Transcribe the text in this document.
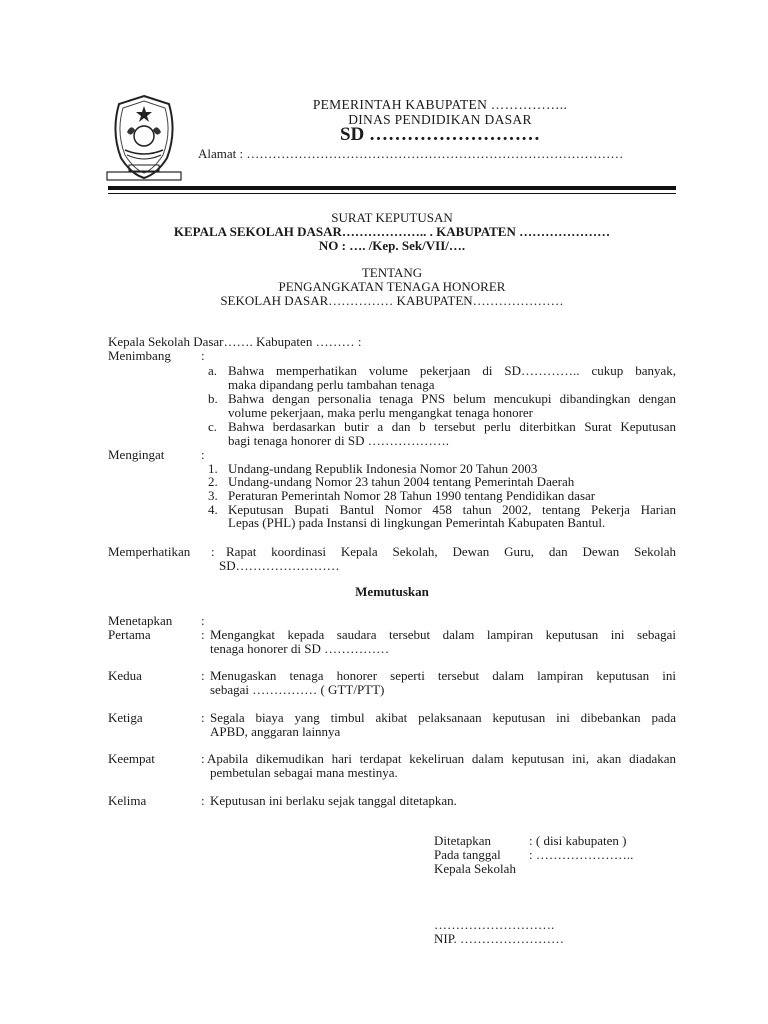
PEMERINTAH KABUPATEN ……………..
DINAS PENDIDIKAN DASAR
SD ………………………
Alamat : ……………………………………………………………………………
SURAT KEPUTUSAN
KEPALA SEKOLAH DASAR……………….. . KABUPATEN …………………
NO : …. /Kep. Sek/VII/….
TENTANG
PENGANGKATAN TENAGA HONORER
SEKOLAH DASAR…………… KABUPATEN…………………
Kepala Sekolah Dasar……. Kabupaten ……… :
Menimbang :
a. Bahwa memperhatikan volume pekerjaan di SD………….. cukup banyak,
maka dipandang perlu tambahan tenaga
b. Bahwa dengan personalia tenaga PNS belum mencukupi dibandingkan dengan
volume pekerjaan, maka perlu mengangkat tenaga honorer
c. Bahwa berdasarkan butir a dan b tersebut perlu diterbitkan Surat Keputusan
bagi tenaga honorer di SD ……………….
Mengingat	:
1. Undang-undang Republik Indonesia Nomor 20 Tahun 2003
2. Undang-undang Nomor 23 tahun 2004 tentang Pemerintah Daerah
3. Peraturan Pemerintah Nomor 28 Tahun 1990 tentang Pendidikan dasar
4. Keputusan Bupati Bantul Nomor 458 tahun 2002, tentang Pekerja Harian
Lepas (PHL) pada Instansi di lingkungan Pemerintah Kabupaten Bantul.
Memperhatikan : Rapat koordinasi Kepala Sekolah, Dewan Guru, dan Dewan Sekolah
SD……………………
Memutuskan
Menetapkan :
Pertama	: Mengangkat kepada saudara tersebut dalam lampiran keputusan ini sebagai
tenaga honorer di SD ……………
Kedua	: Menugaskan tenaga honorer seperti tersebut dalam lampiran keputusan ini
sebagai …………… ( GTT/PTT)
Ketiga	: Segala biaya yang timbul akibat pelaksanaan keputusan ini dibebankan pada
APBD, anggaran lainnya
Keempat	: Apabila dikemudikan hari terdapat kekeliruan dalam keputusan ini, akan diadakan
pembetulan sebagai mana mestinya.
Kelima	: Keputusan ini berlaku sejak tanggal ditetapkan.
Ditetapkan	: ( disi kabupaten )
Pada tanggal : …………………..
Kepala Sekolah
……………………….
NIP. ……………………
